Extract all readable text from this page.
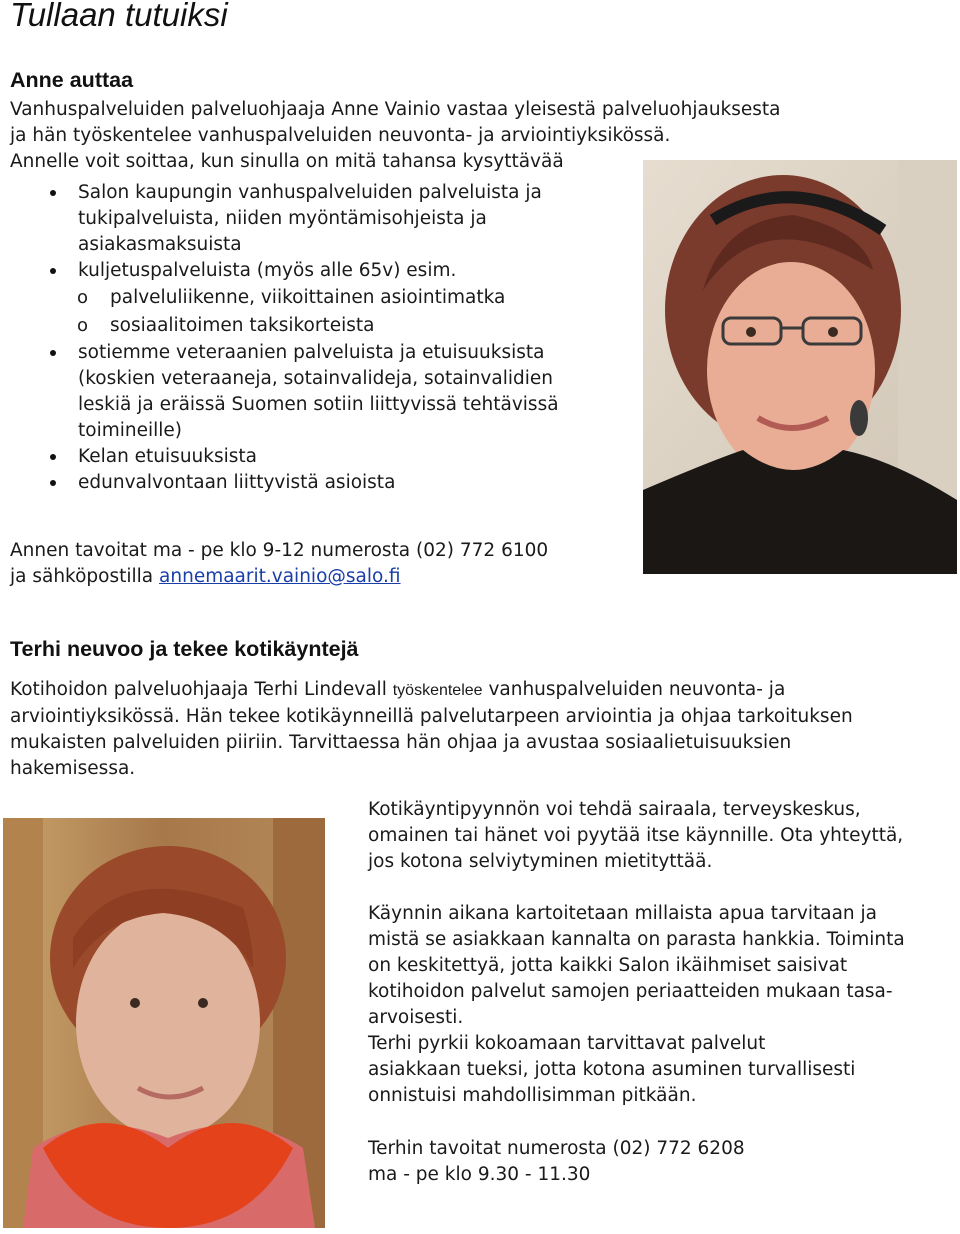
Tullaan tutuiksi
Anne auttaa
Vanhuspalveluiden palveluohjaaja Anne Vainio vastaa yleisestä palveluohjauksesta
ja hän työskentelee vanhuspalveluiden neuvonta- ja arviointiyksikössä.
Annelle voit soittaa, kun sinulla on mitä tahansa kysyttävää
Salon kaupungin vanhuspalveluiden palveluista ja
tukipalveluista, niiden myöntämisohjeista ja
asiakasmaksuista
kuljetuspalveluista (myös alle 65v) esim.
o palveluliikenne, viikoittainen asiointimatka
o sosiaalitoimen taksikorteista
sotiemme veteraanien palveluista ja etuisuuksista
(koskien veteraaneja, sotainvalideja, sotainvalidien
leskiä ja eräissä Suomen sotiin liittyvissä tehtävissä
toimineille)
Kelan etuisuuksista
edunvalvontaan liittyvistä asioista
Annen tavoitat ma - pe klo 9-12 numerosta (02) 772 6100
ja sähköpostilla annemaarit.vainio@salo.fi
Terhi neuvoo ja tekee kotikäyntejä
Kotihoidon palveluohjaaja Terhi Lindevall työskentelee vanhuspalveluiden neuvonta- ja
arviointiyksikössä. Hän tekee kotikäynneillä palvelutarpeen arviointia ja ohjaa tarkoituksen
mukaisten palveluiden piiriin. Tarvittaessa hän ohjaa ja avustaa sosiaalietuisuuksien
hakemisessa.
Kotikäyntipyynnön voi tehdä sairaala, terveyskeskus,
omainen tai hänet voi pyytää itse käynnille. Ota yhteyttä,
jos kotona selviytyminen mietityttää.
Käynnin aikana kartoitetaan millaista apua tarvitaan ja
mistä se asiakkaan kannalta on parasta hankkia. Toiminta
on keskitettyä, jotta kaikki Salon ikäihmiset saisivat
kotihoidon palvelut samojen periaatteiden mukaan tasa-
arvoisesti.
Terhi pyrkii kokoamaan tarvittavat palvelut
asiakkaan tueksi, jotta kotona asuminen turvallisesti
onnistuisi mahdollisimman pitkään.
Terhin tavoitat numerosta (02) 772 6208
ma - pe klo 9.30 - 11.30
